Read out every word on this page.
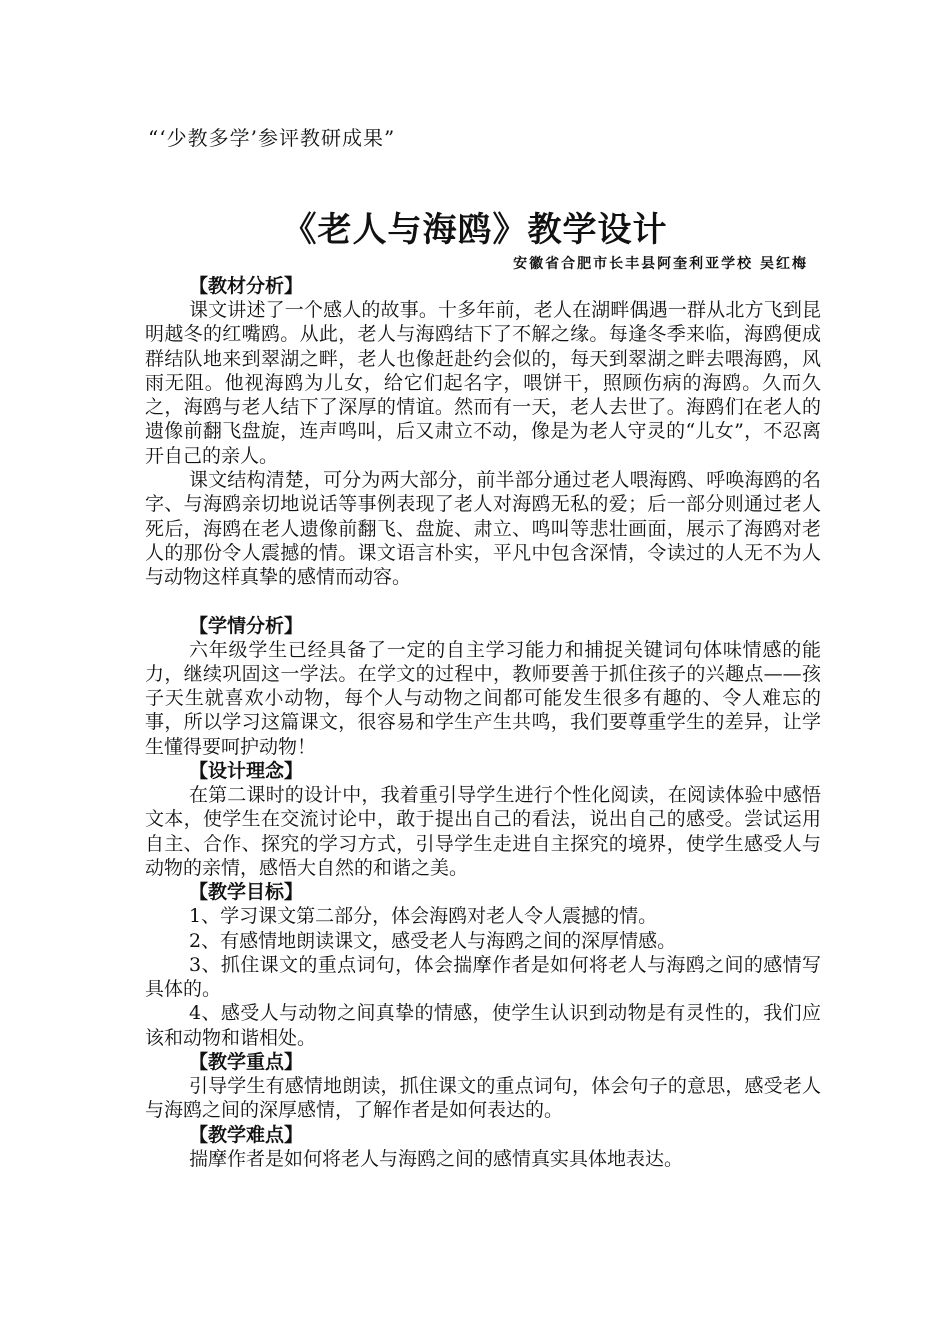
“‘少教多学’参评教研成果”
《老人与海鸥》教学设计
安徽省合肥市长丰县阿奎利亚学校 吴红梅
【教材分析】

课文讲述了一个感人的故事。十多年前，老人在湖畔偶遇一群从北方飞到昆明越冬的红嘴鸥。从此，老人与海鸥结下了不解之缘。每逢冬季来临，海鸥便成群结队地来到翠湖之畔，老人也像赶赴约会似的，每天到翠湖之畔去喂海鸥，风雨无阻。他视海鸥为儿女，给它们起名字，喂饼干，照顾伤病的海鸥。久而久之，海鸥与老人结下了深厚的情谊。然而有一天，老人去世了。海鸥们在老人的遗像前翻飞盘旋，连声鸣叫，后又肃立不动，像是为老人守灵的“儿女”，不忍离开自己的亲人。

课文结构清楚，可分为两大部分，前半部分通过老人喂海鸥、呼唤海鸥的名字、与海鸥亲切地说话等事例表现了老人对海鸥无私的爱；后一部分则通过老人死后，海鸥在老人遗像前翻飞、盘旋、肃立、鸣叫等悲壮画面，展示了海鸥对老人的那份令人震撼的情。课文语言朴实，平凡中包含深情，令读过的人无不为人与动物这样真挚的感情而动容。

【学情分析】

六年级学生已经具备了一定的自主学习能力和捕捉关键词句体味情感的能力，继续巩固这一学法。在学文的过程中，教师要善于抓住孩子的兴趣点——孩子天生就喜欢小动物，每个人与动物之间都可能发生很多有趣的、令人难忘的事，所以学习这篇课文，很容易和学生产生共鸣，我们要尊重学生的差异，让学生懂得要呵护动物！

【设计理念】

在第二课时的设计中，我着重引导学生进行个性化阅读，在阅读体验中感悟文本，使学生在交流讨论中，敢于提出自己的看法，说出自己的感受。尝试运用自主、合作、探究的学习方式，引导学生走进自主探究的境界，使学生感受人与动物的亲情，感悟大自然的和谐之美。

【教学目标】

1、学习课文第二部分，体会海鸥对老人令人震撼的情。

2、有感情地朗读课文，感受老人与海鸥之间的深厚情感。

3、抓住课文的重点词句，体会揣摩作者是如何将老人与海鸥之间的感情写具体的。

4、感受人与动物之间真挚的情感，使学生认识到动物是有灵性的，我们应该和动物和谐相处。

【教学重点】

引导学生有感情地朗读，抓住课文的重点词句，体会句子的意思，感受老人与海鸥之间的深厚感情，了解作者是如何表达的。

【教学难点】

揣摩作者是如何将老人与海鸥之间的感情真实具体地表达。
